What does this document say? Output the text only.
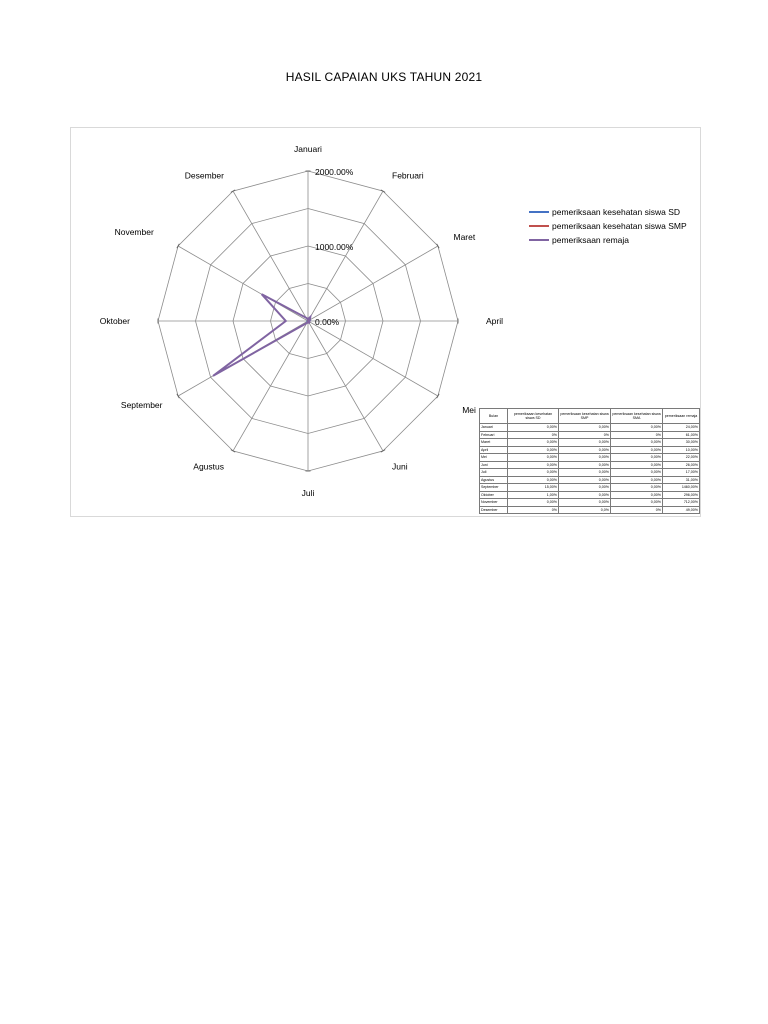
HASIL CAPAIAN UKS TAHUN 2021
Januari
Februari
Maret
April
Mei
Juni
Juli
Agustus
September
Oktober
November
Desember
0.00%
1000.00%
2000.00%
pemeriksaan kesehatan siswa SD
pemeriksaan kesehatan siswa SMP
pemeriksaan remaja
Bulan	pemeriksaan kesehatan siswa SD	pemeriksaan kesehatan siswa SMP	pemeriksaan kesehatan siswa SMA	pemeriksaan remaja
Januari	0,00%	0,00%	0,00%	24,00%
Februari	0%	0%	0%	61,00%
Maret	0,00%	0,00%	0,00%	30,00%
April	0,00%	0,00%	0,00%	10,00%
Mei	0,00%	0,00%	0,00%	22,00%
Juni	0,00%	0,00%	0,00%	26,00%
Juli	0,00%	0,00%	0,00%	17,00%
Agustus	0,00%	0,00%	0,00%	31,00%
September	15,00%	0,00%	0,00%	1460,00%
Oktober	1,00%	0,00%	0,00%	296,00%
November	0,00%	0,00%	0,00%	712,00%
Desember	0%	0,0%	0%	49,00%
